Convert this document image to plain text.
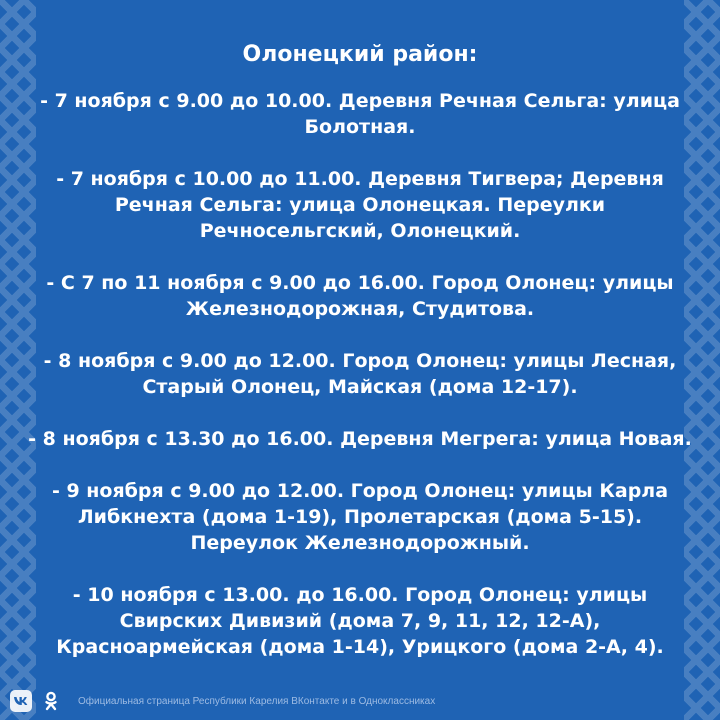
Олонецкий район:
- 7 ноября с 9.00 до 10.00. Деревня Речная Сельга: улица Болотная.
- 7 ноября с 10.00 до 11.00. Деревня Тигвера; Деревня Речная Сельга: улица Олонецкая. Переулки Речносельгский, Олонецкий.
- С 7 по 11 ноября с 9.00 до 16.00. Город Олонец: улицы Железнодорожная, Студитова.
- 8 ноября с 9.00 до 12.00. Город Олонец: улицы Лесная, Старый Олонец, Майская (дома 12-17).
- 8 ноября с 13.30 до 16.00. Деревня Мегрега: улица Новая.
- 9 ноября с 9.00 до 12.00. Город Олонец: улицы Карла Либкнехта (дома 1-19), Пролетарская (дома 5-15). Переулок Железнодорожный.
- 10 ноября с 13.00. до 16.00. Город Олонец: улицы Свирских Дивизий (дома 7, 9, 11, 12, 12-А), Красноармейская (дома 1-14), Урицкого (дома 2-А, 4).
Официальная страница Республики Карелия ВКонтакте и в Одноклассниках
